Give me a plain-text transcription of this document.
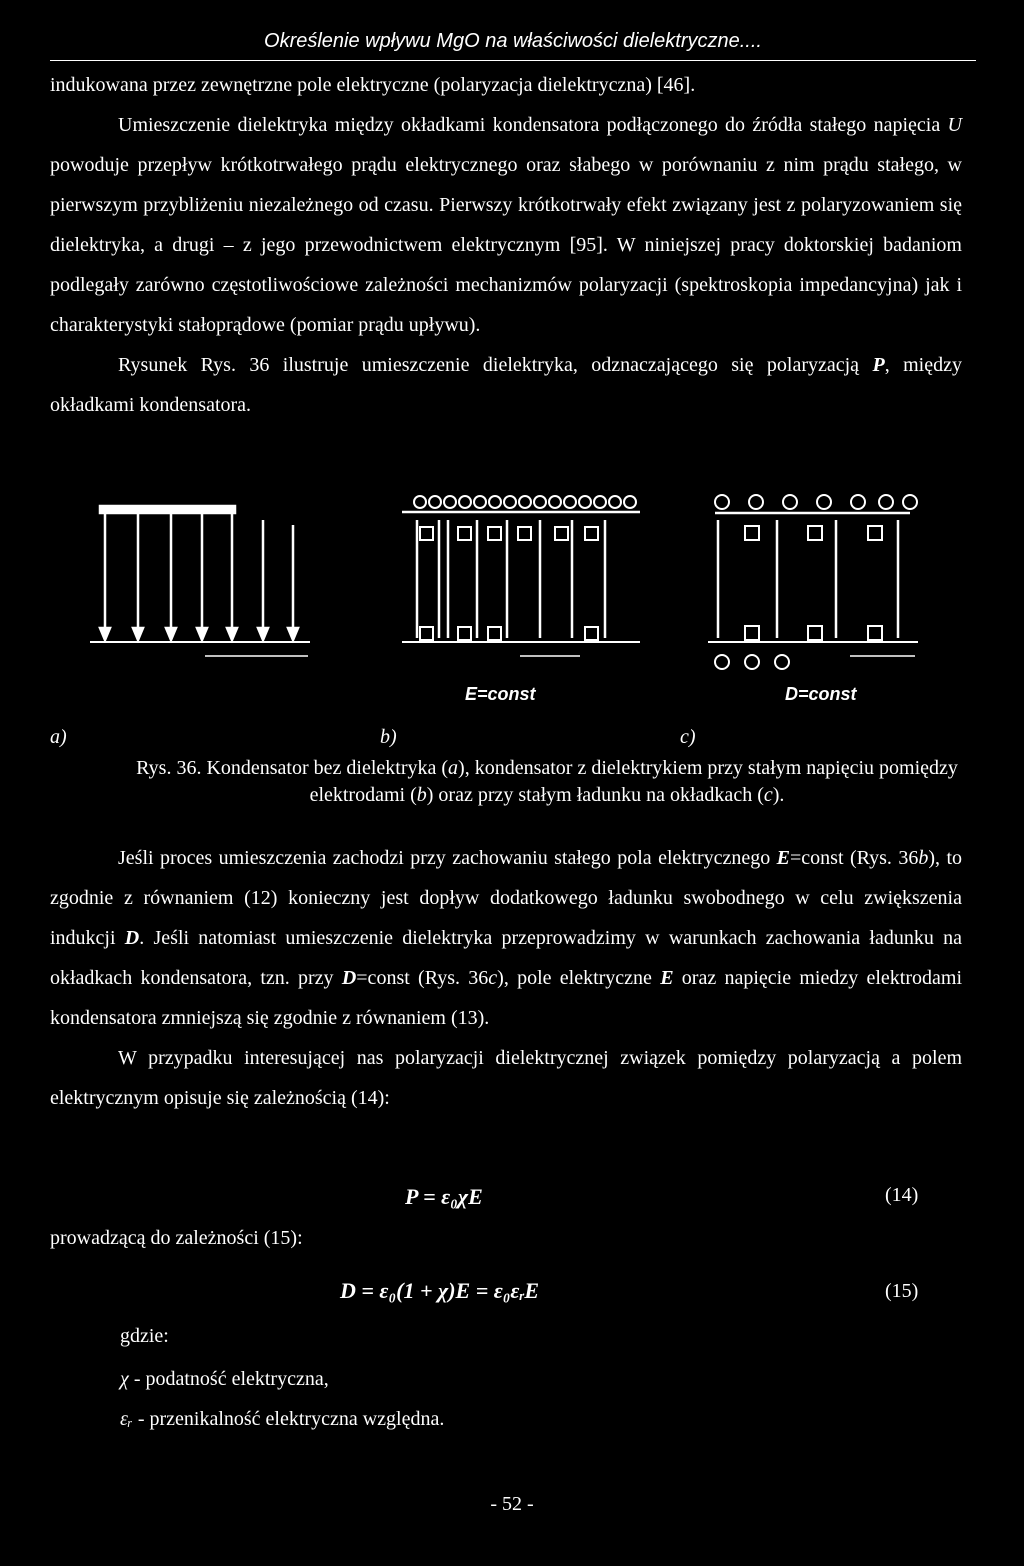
Określenie wpływu MgO na właściwości dielektryczne....

indukowana przez zewnętrzne pole elektryczne (polaryzacja dielektryczna) [46].

Umieszczenie dielektryka między okładkami kondensatora podłączonego do źródła stałego napięcia U powoduje przepływ krótkotrwałego prądu elektrycznego oraz słabego w porównaniu z nim prądu stałego, w pierwszym przybliżeniu niezależnego od czasu. Pierwszy krótkotrwały efekt związany jest z polaryzowaniem się dielektryka, a drugi – z jego przewodnictwem elektrycznym [95]. W niniejszej pracy doktorskiej badaniom podlegały zarówno częstotliwościowe zależności mechanizmów polaryzacji (spektroskopia impedancyjna) jak i charakterystyki stałoprądowe (pomiar prądu upływu).

Rysunek Rys. 36 ilustruje umieszczenie dielektryka, odznaczającego się polaryzacją P, między okładkami kondensatora.

E=const	D=const
a)	b)	c)
Rys. 36. Kondensator bez dielektryka (a), kondensator z dielektrykiem przy stałym napięciu pomiędzy elektrodami (b) oraz przy stałym ładunku na okładkach (c).

Jeśli proces umieszczenia zachodzi przy zachowaniu stałego pola elektrycznego E=const (Rys. 36b), to zgodnie z równaniem (12) konieczny jest dopływ dodatkowego ładunku swobodnego w celu zwiększenia indukcji D. Jeśli natomiast umieszczenie dielektryka przeprowadzimy w warunkach zachowania ładunku na okładkach kondensatora, tzn. przy D=const (Rys. 36c), pole elektryczne E oraz napięcie miedzy elektrodami kondensatora zmniejszą się zgodnie z równaniem (13).

W przypadku interesującej nas polaryzacji dielektrycznej związek pomiędzy polaryzacją a polem elektrycznym opisuje się zależnością (14):

P = ε₀χE	(14)
prowadzącą do zależności (15):
D = ε₀(1 + χ)E = ε₀εᵣE	(15)
gdzie:
χ - podatność elektryczna,
εᵣ - przenikalność elektryczna względna.
- 52 -
